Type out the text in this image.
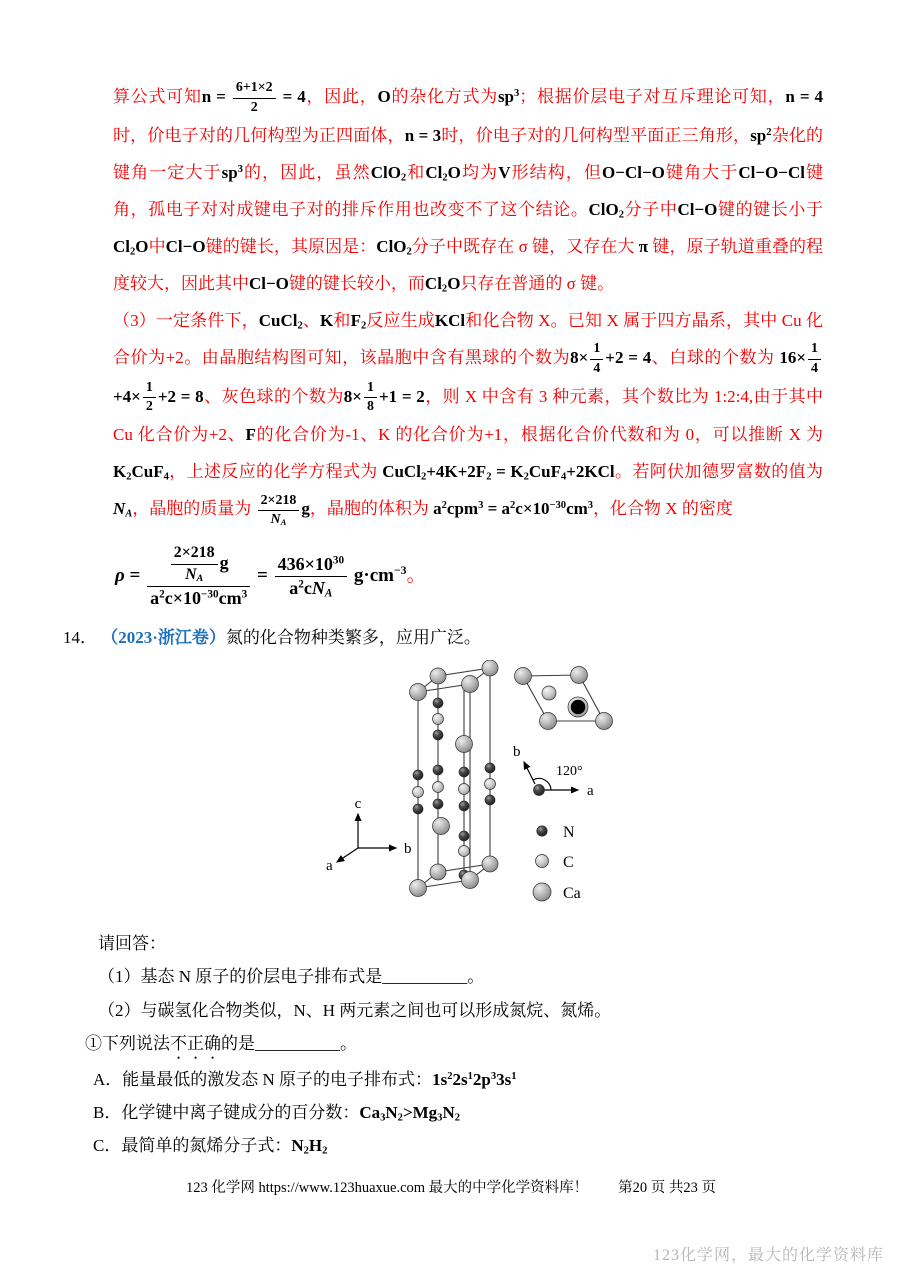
算公式可知$n = \frac{6+1\times 2}{2} = 4$，因此，O的杂化方式为$sp^3$；根据价层电子对互斥理论可知，n = 4时，价电子对的几何构型为正四面体，n = 3时，价电子对的几何构型平面正三角形，$sp^2$杂化的键角一定大于$sp^3$的，因此，虽然ClO$_2$和$Cl_2O$均为V形结构，但O−Cl−O键角大于Cl−O−Cl键角，孤电子对对成键电子对的排斥作用也改变不了这个结论。ClO$_2$分子中Cl−O键的键长小于$Cl_2O$中Cl−O键的键长，其原因是：ClO$_2$分子中既存在 σ 键，又存在大 π 键，原子轨道重叠的程度较大，因此其中Cl−O键的键长较小，而$Cl_2O$只存在普通的 σ 键。

（3）一定条件下，CuCl$_2$、K和$F_2$反应生成KCl和化合物 X。已知 X 属于四方晶系，其中 Cu 化合价为+2。由晶胞结构图可知，该晶胞中含有黑球的个数为$8\times \frac{1}{4} +2 = 4$、白球的个数为 $16\times \frac{1}{4}$
$+4\times \frac{1}{2} +2 = 8$、灰色球的个数为$8\times \frac{1}{8} +1 = 2$，则 X 中含有 3 种元素，其个数比为 1:2:4,由于其中 Cu 化合价为+2、F的化合价为-1、K 的化合价为+1，根据化合价代数和为 0，可以推断 X 为$K_2CuF_4$，上述反应的化学方程式为 $CuCl_2+4K+2F_2 = K_2CuF_4+2KCl$。若阿伏加德罗富数的值为$N_A$，晶胞的质量为 $\frac{2\times 218}{N_A}$ g，晶胞的体积为 $a^2cpm^3 = a^2c\times 10^{-30}cm^3$，化合物 X 的密度

$\rho = \frac{\frac{2\times 218}{N_A} g}{a^2c\times 10^{-30}cm^3} = \frac{436\times 10^{30}}{a^2cN_A} g\cdot cm^{-3}$。

14． （2023·浙江卷）氮的化合物种类繁多，应用广泛。

c
b
a
120°
a
b
N
C
Ca

请回答：

（1）基态 N 原子的价层电子排布式是__________。

（2）与碳氢化合物类似，N、H 两元素之间也可以形成氮烷、氮烯。

①下列说法不正确的是__________。

A．能量最低的激发态 N 原子的电子排布式：$1s^22s^12p^33s^1$

B．化学键中离子键成分的百分数：$Ca_3N_2>Mg_3N_2$

C．最简单的氮烯分子式：$N_2H_2$

123 化学网 https://www.123huaxue.com 最大的中学化学资料库！ 第20 页 共23 页
123化学网，最大的化学资料库
